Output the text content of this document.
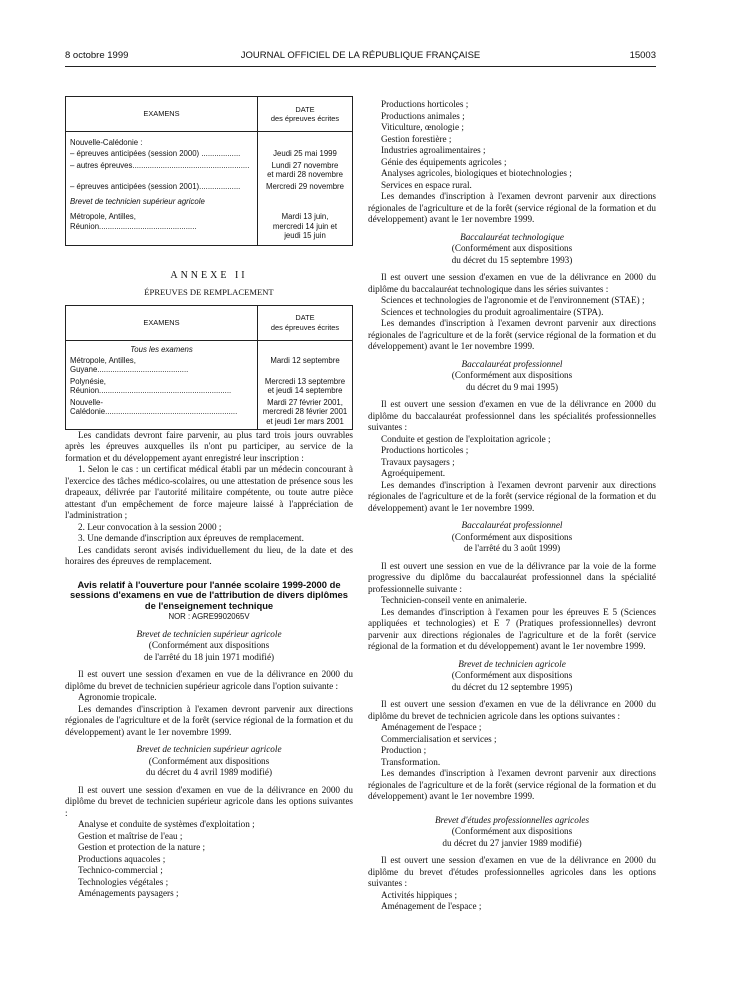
8 octobre 1999	JOURNAL OFFICIEL DE LA RÉPUBLIQUE FRANÇAISE	15003
EXAMENS	DATE
des épreuves écrites
Nouvelle-Calédonie :	
– épreuves anticipées (session 2000) ..................	Jeudi 25 mai 1999
– autres épreuves......................................................	Lundi 27 novembre
et mardi 28 novembre
– épreuves anticipées (session 2001)...................	Mercredi 29 novembre
Brevet de technicien supérieur agricole	
Métropole, Antilles, Réunion.............................................	Mardi 13 juin,
mercredi 14 juin et
jeudi 15 juin

ANNEXE II

ÉPREUVES DE REMPLACEMENT

EXAMENS	DATE
des épreuves écrites
Tous les examens	
Métropole, Antilles, Guyane..........................................	Mardi 12 septembre
Polynésie, Réunion.............................................................	Mercredi 13 septembre
et jeudi 14 septembre
Nouvelle-Calédonie.............................................................	Mardi 27 février 2001,
mercredi 28 février 2001
et jeudi 1er mars 2001

Les candidats devront faire parvenir, au plus tard trois jours ouvrables après les épreuves auxquelles ils n'ont pu participer, au service de la formation et du développement ayant enregistré leur inscription :

1. Selon le cas : un certificat médical établi par un médecin concourant à l'exercice des tâches médico-scolaires, ou une attestation de présence sous les drapeaux, délivrée par l'autorité militaire compétente, ou toute autre pièce attestant d'un empêchement de force majeure laissé à l'appréciation de l'administration ;

2. Leur convocation à la session 2000 ;

3. Une demande d'inscription aux épreuves de remplacement.

Les candidats seront avisés individuellement du lieu, de la date et des horaires des épreuves de remplacement.

Avis relatif à l'ouverture pour l'année scolaire 1999-2000 de sessions d'examens en vue de l'attribution de divers diplômes de l'enseignement technique

NOR : AGRE9902065V

Brevet de technicien supérieur agricole

(Conformément aux dispositions

de l'arrêté du 18 juin 1971 modifié)

Il est ouvert une session d'examen en vue de la délivrance en 2000 du diplôme du brevet de technicien supérieur agricole dans l'option suivante :

Agronomie tropicale.

Les demandes d'inscription à l'examen devront parvenir aux directions régionales de l'agriculture et de la forêt (service régional de la formation et du développement) avant le 1er novembre 1999.

Brevet de technicien supérieur agricole

(Conformément aux dispositions

du décret du 4 avril 1989 modifié)

Il est ouvert une session d'examen en vue de la délivrance en 2000 du diplôme du brevet de technicien supérieur agricole dans les options suivantes :

Analyse et conduite de systèmes d'exploitation ;

Gestion et maîtrise de l'eau ;

Gestion et protection de la nature ;

Productions aquacoles ;

Technico-commercial ;

Technologies végétales ;

Aménagements paysagers ;

Productions horticoles ;

Productions animales ;

Viticulture, œnologie ;

Gestion forestière ;

Industries agroalimentaires ;

Génie des équipements agricoles ;

Analyses agricoles, biologiques et biotechnologies ;

Services en espace rural.

Les demandes d'inscription à l'examen devront parvenir aux directions régionales de l'agriculture et de la forêt (service régional de la formation et du développement) avant le 1er novembre 1999.

Baccalauréat technologique

(Conformément aux dispositions

du décret du 15 septembre 1993)

Il est ouvert une session d'examen en vue de la délivrance en 2000 du diplôme du baccalauréat technologique dans les séries suivantes :

Sciences et technologies de l'agronomie et de l'environnement (STAE) ;

Sciences et technologies du produit agroalimentaire (STPA).

Les demandes d'inscription à l'examen devront parvenir aux directions régionales de l'agriculture et de la forêt (service régional de la formation et du développement) avant le 1er novembre 1999.

Baccalauréat professionnel

(Conformément aux dispositions

du décret du 9 mai 1995)

Il est ouvert une session d'examen en vue de la délivrance en 2000 du diplôme du baccalauréat professionnel dans les spécialités professionnelles suivantes :

Conduite et gestion de l'exploitation agricole ;

Productions horticoles ;

Travaux paysagers ;

Agroéquipement.

Les demandes d'inscription à l'examen devront parvenir aux directions régionales de l'agriculture et de la forêt (service régional de la formation et du développement) avant le 1er novembre 1999.

Baccalauréat professionnel

(Conformément aux dispositions

de l'arrêté du 3 août 1999)

Il est ouvert une session en vue de la délivrance par la voie de la forme progressive du diplôme du baccalauréat professionnel dans la spécialité professionnelle suivante :

Technicien-conseil vente en animalerie.

Les demandes d'inscription à l'examen pour les épreuves E 5 (Sciences appliquées et technologies) et E 7 (Pratiques professionnelles) devront parvenir aux directions régionales de l'agriculture et de la forêt (service régional de la formation et du développement) avant le 1er novembre 1999.

Brevet de technicien agricole

(Conformément aux dispositions

du décret du 12 septembre 1995)

Il est ouvert une session d'examen en vue de la délivrance en 2000 du diplôme du brevet de technicien agricole dans les options suivantes :

Aménagement de l'espace ;

Commercialisation et services ;

Production ;

Transformation.

Les demandes d'inscription à l'examen devront parvenir aux directions régionales de l'agriculture et de la forêt (service régional de la formation et du développement) avant le 1er novembre 1999.

Brevet d'études professionnelles agricoles

(Conformément aux dispositions

du décret du 27 janvier 1989 modifié)

Il est ouvert une session d'examen en vue de la délivrance en 2000 du diplôme du brevet d'études professionnelles agricoles dans les options suivantes :

Activités hippiques ;

Aménagement de l'espace ;
